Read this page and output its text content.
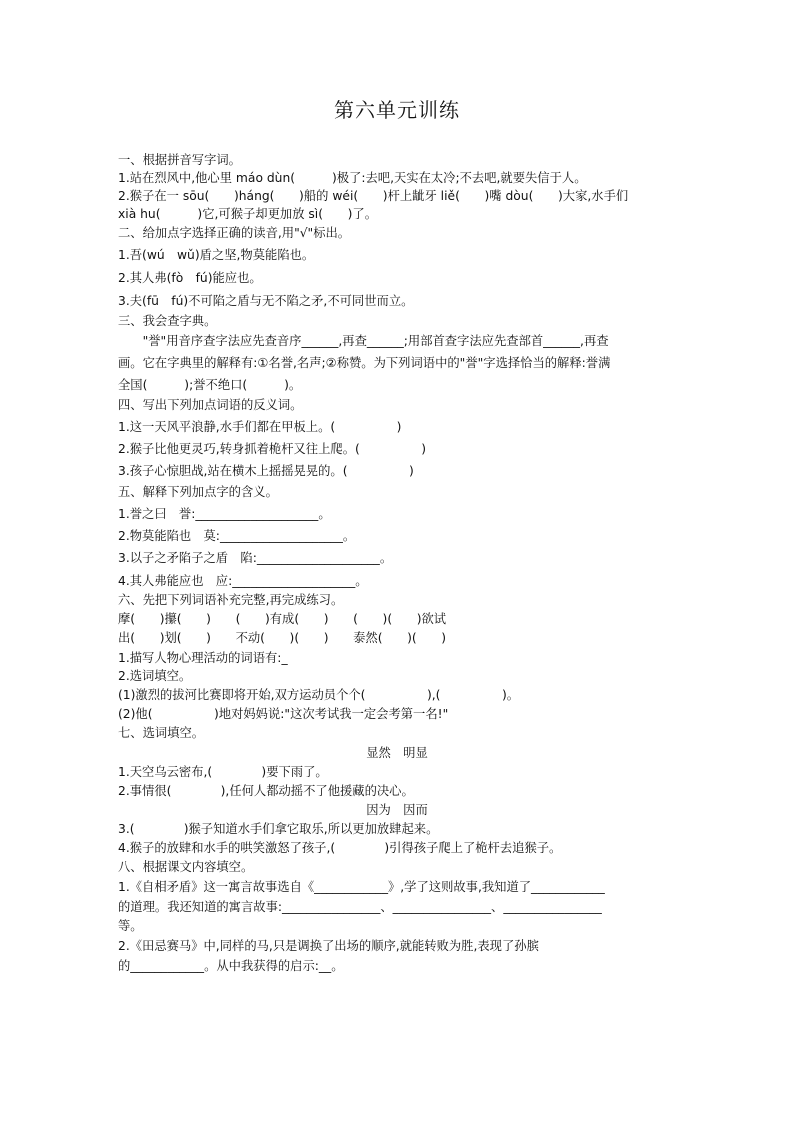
第六单元训练
一、根据拼音写字词。
1.站在烈风中,他心里 máo dùn(　　　)极了:去吧,天实在太冷;不去吧,就要失信于人。
2.猴子在一 sōu(　　)háng(　　)船的 wéi(　　)杆上龇牙 liě(　　)嘴 dòu(　　)大家,水手们
xià hu(　　　)它,可猴子却更加放 sì(　　)了。
二、给加点字选择正确的读音,用"√"标出。
1.吾(wú　wǔ)盾之坚,物莫能陷也。
2.其人弗(fò　fú)能应也。
3.夫(fū　fú)不可陷之盾与无不陷之矛,不可同世而立。
三、我会查字典。
　　"誉"用音序查字法应先查音序______,再查______;用部首查字法应先查部首______,再查
画。它在字典里的解释有:①名誉,名声;②称赞。为下列词语中的"誉"字选择恰当的解释:誉满
全国(　　　);誉不绝口(　　　)。
四、写出下列加点词语的反义词。
1.这一天风平浪静,水手们都在甲板上。(　　　　　)
2.猴子比他更灵巧,转身抓着桅杆又往上爬。(　　　　　)
3.孩子心惊胆战,站在横木上摇摇晃晃的。(　　　　　)
五、解释下列加点字的含义。
1.誉之曰　誉:____________________。
2.物莫能陷也　莫:____________________。
3.以子之矛陷子之盾　陷:____________________。
4.其人弗能应也　应:____________________。
六、先把下列词语补充完整,再完成练习。
摩(　　)攥(　　)　　(　　)有成(　　)　　(　　)(　　)欲试
出(　　)划(　　)　　不动(　　)(　　)　　泰然(　　)(　　)
1.描写人物心理活动的词语有:_
2.选词填空。
(1)激烈的拔河比赛即将开始,双方运动员个个(　　　　　),(　　　　　)。
(2)他(　　　　　)地对妈妈说:"这次考试我一定会考第一名!"
七、选词填空。
显然　明显
1.天空乌云密布,(　　　　)要下雨了。
2.事情很(　　　　),任何人都动摇不了他援藏的决心。
因为　因而
3.(　　　　)猴子知道水手们拿它取乐,所以更加放肆起来。
4.猴子的放肆和水手的哄笑激怒了孩子,(　　　　)引得孩子爬上了桅杆去追猴子。
八、根据课文内容填空。
1.《自相矛盾》这一寓言故事选自《____________》,学了这则故事,我知道了____________
的道理。我还知道的寓言故事:________________、________________、________________
等。
2.《田忌赛马》中,同样的马,只是调换了出场的顺序,就能转败为胜,表现了孙膑
的____________。从中我获得的启示:__。
